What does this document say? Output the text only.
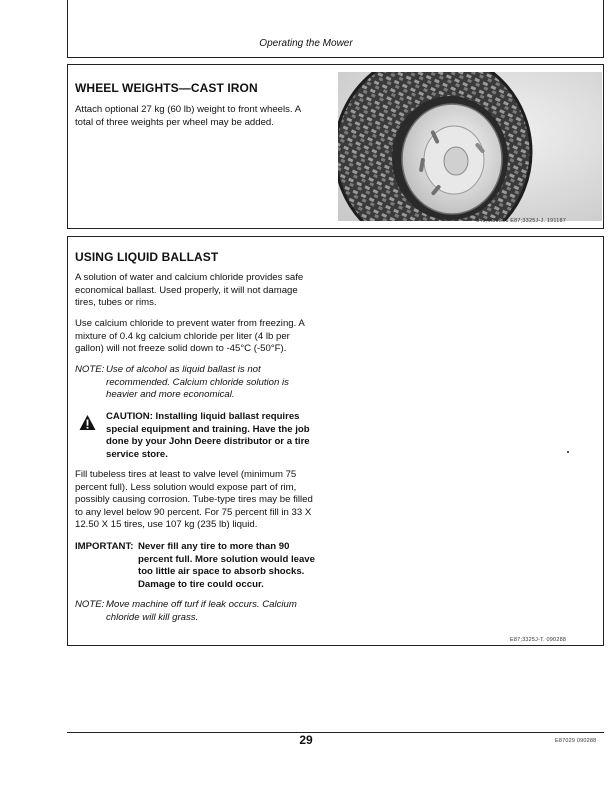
Operating the Mower
WHEEL WEIGHTS—CAST IRON
Attach optional 27 kg (60 lb) weight to front wheels. A
total of three weights per wheel may be added.
049;M39591 E87;3325J-J. 191187
USING LIQUID BALLAST
A solution of water and calcium chloride provides safe
economical ballast. Used properly, it will not damage
tires, tubes or rims.
Use calcium chloride to prevent water from freezing. A
mixture of 0.4 kg calcium chloride per liter (4 lb per
gallon) will not freeze solid down to -45°C (-50°F).
NOTE: Use of alcohol as liquid ballast is not
recommended. Calcium chloride solution is
heavier and more economical.
CAUTION: Installing liquid ballast requires
special equipment and training. Have the job
done by your John Deere distributor or a tire
service store.
Fill tubeless tires at least to valve level (minimum 75
percent full). Less solution would expose part of rim,
possibly causing corrosion. Tube-type tires may be filled
to any level below 90 percent. For 75 percent fill in 33 X
12.50 X 15 tires, use 107 kg (235 lb) liquid.
IMPORTANT: Never fill any tire to more than 90
percent full. More solution would leave
too little air space to absorb shocks.
Damage to tire could occur.
NOTE: Move machine off turf if leak occurs. Calcium
chloride will kill grass.
E87;3325J-T. 090288
29	E87029 090288
